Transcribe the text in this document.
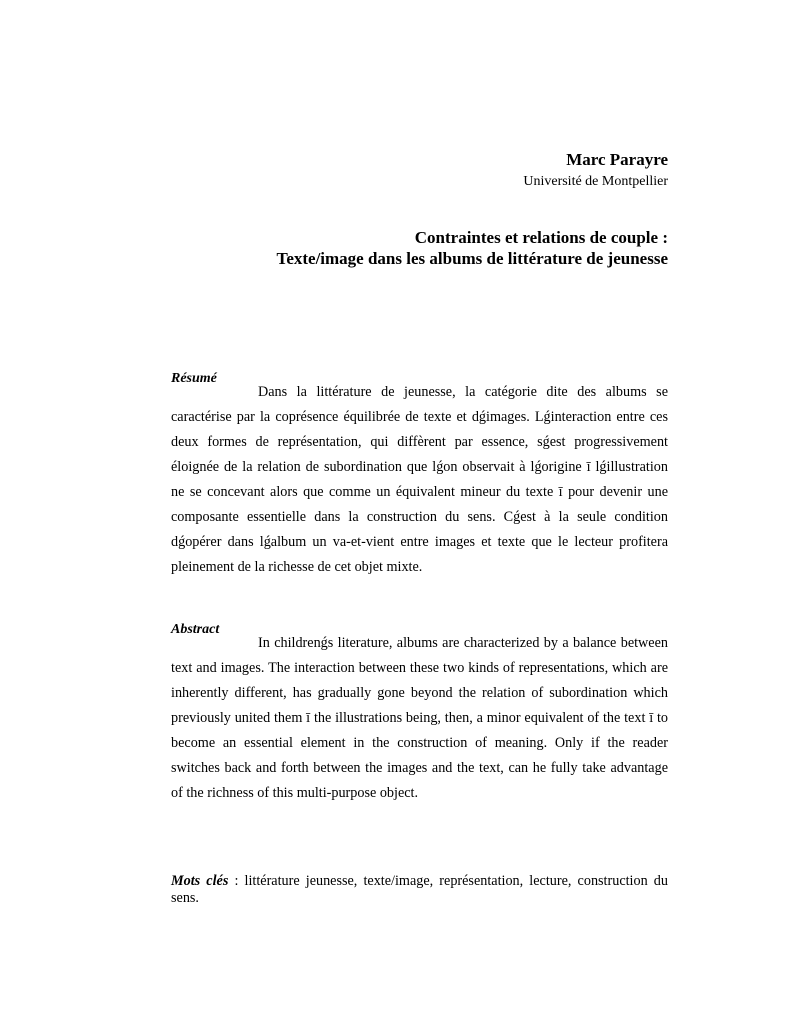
Marc Parayre
Université de Montpellier
Contraintes et relations de couple :
Texte/image dans les albums de littérature de jeunesse
Résumé
Dans la littérature de jeunesse, la catégorie dite des albums se caractérise par la coprésence équilibrée de texte et dǵimages. Lǵinteraction entre ces deux formes de représentation, qui diffèrent par essence, sǵest progressivement éloignée de la relation de subordination que lǵon observait à lǵorigine ī lǵillustration ne se concevant alors que comme un équivalent mineur du texte ī pour devenir une composante essentielle dans la construction du sens. Cǵest à la seule condition dǵopérer dans lǵalbum un va-et-vient entre images et texte que le lecteur profitera pleinement de la richesse de cet objet mixte.
Abstract
In childrenǵs literature, albums are characterized by a balance between text and images. The interaction between these two kinds of representations, which are inherently different, has gradually gone beyond the relation of subordination which previously united them ī the illustrations being, then, a minor equivalent of the text ī to become an essential element in the construction of meaning. Only if the reader switches back and forth between the images and the text, can he fully take advantage of the richness of this multi-purpose object.
Mots clés : littérature jeunesse, texte/image, représentation, lecture, construction du sens.
